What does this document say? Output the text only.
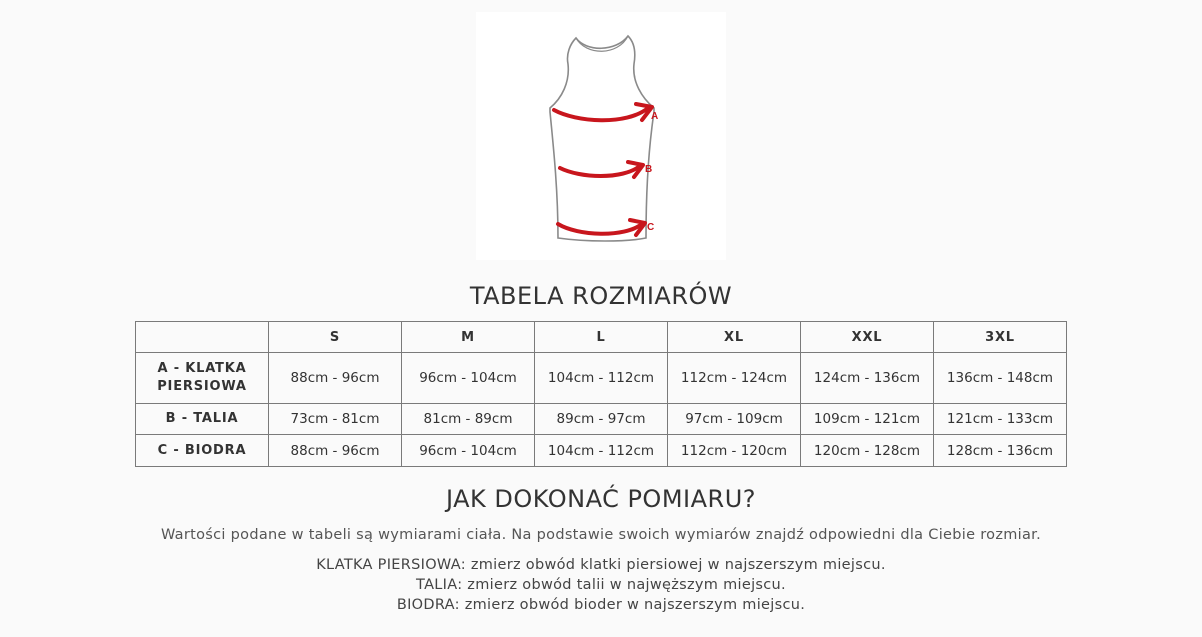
A
B
C
TABELA ROZMIARÓW
	S	M	L	XL	XXL	3XL
A - KLATKA
PIERSIOWA	88cm - 96cm	96cm - 104cm	104cm - 112cm	112cm - 124cm	124cm - 136cm	136cm - 148cm
B - TALIA	73cm - 81cm	81cm - 89cm	89cm - 97cm	97cm - 109cm	109cm - 121cm	121cm - 133cm
C - BIODRA	88cm - 96cm	96cm - 104cm	104cm - 112cm	112cm - 120cm	120cm - 128cm	128cm - 136cm
JAK DOKONAĆ POMIARU?

Wartości podane w tabeli są wymiarami ciała. Na podstawie swoich wymiarów znajdź odpowiedni dla Ciebie rozmiar.

KLATKA PIERSIOWA: zmierz obwód klatki piersiowej w najszerszym miejscu.
TALIA: zmierz obwód talii w najwęższym miejscu.
BIODRA: zmierz obwód bioder w najszerszym miejscu.
